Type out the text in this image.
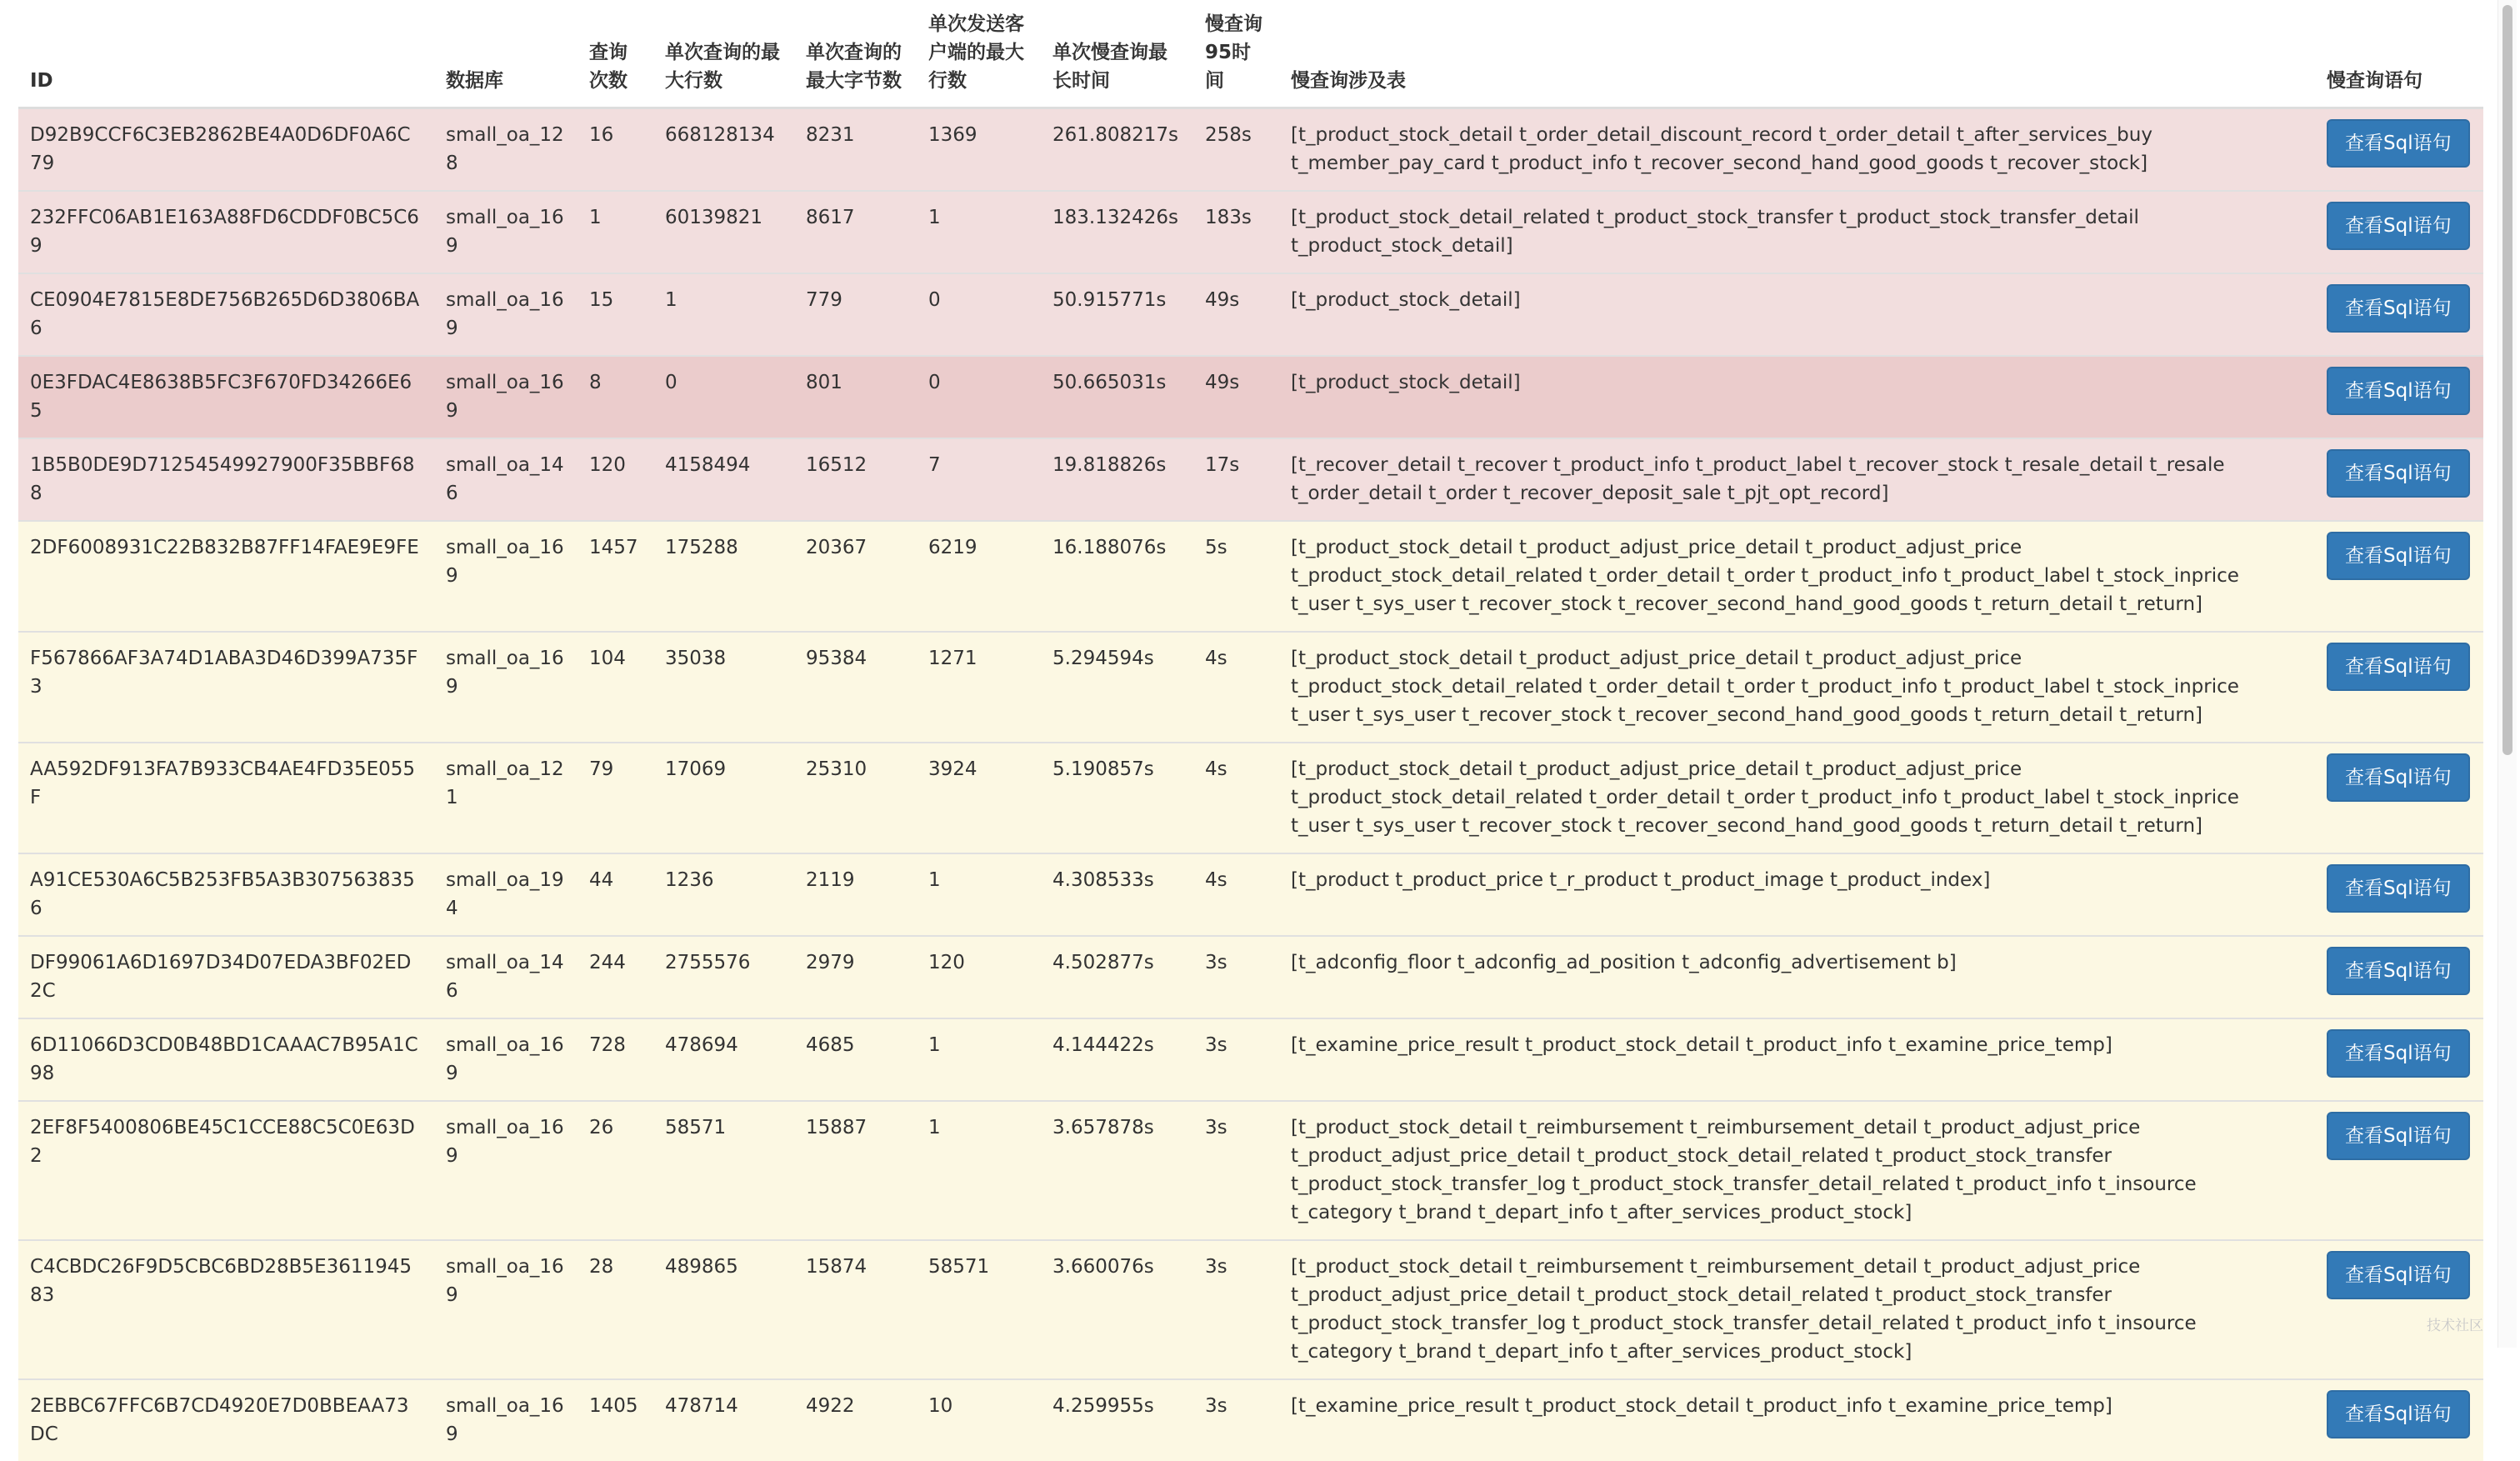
ID	数据库	查询次数	单次查询的最大行数	单次查询的最大字节数	单次发送客户端的最大行数	单次慢查询最长时间	慢查询95时间	慢查询涉及表	慢查询语句
D92B9CCF6C3EB2862BE4A0D6DF0A6C79	small_oa_128	16	668128134	8231	1369	261.808217s	258s	[t_product_stock_detail t_order_detail_discount_record t_order_detail t_after_services_buy t_member_pay_card t_product_info t_recover_second_hand_good_goods t_recover_stock]	查看Sql语句
232FFC06AB1E163A88FD6CDDF0BC5C69	small_oa_169	1	60139821	8617	1	183.132426s	183s	[t_product_stock_detail_related t_product_stock_transfer t_product_stock_transfer_detail t_product_stock_detail]	查看Sql语句
CE0904E7815E8DE756B265D6D3806BA6	small_oa_169	15	1	779	0	50.915771s	49s	[t_product_stock_detail]	查看Sql语句
0E3FDAC4E8638B5FC3F670FD34266E65	small_oa_169	8	0	801	0	50.665031s	49s	[t_product_stock_detail]	查看Sql语句
1B5B0DE9D71254549927900F35BBF688	small_oa_146	120	4158494	16512	7	19.818826s	17s	[t_recover_detail t_recover t_product_info t_product_label t_recover_stock t_resale_detail t_resale t_order_detail t_order t_recover_deposit_sale t_pjt_opt_record]	查看Sql语句
2DF6008931C22B832B87FF14FAE9E9FE	small_oa_169	1457	175288	20367	6219	16.188076s	5s	[t_product_stock_detail t_product_adjust_price_detail t_product_adjust_price t_product_stock_detail_related t_order_detail t_order t_product_info t_product_label t_stock_inprice t_user t_sys_user t_recover_stock t_recover_second_hand_good_goods t_return_detail t_return]	查看Sql语句
F567866AF3A74D1ABA3D46D399A735F3	small_oa_169	104	35038	95384	1271	5.294594s	4s	[t_product_stock_detail t_product_adjust_price_detail t_product_adjust_price t_product_stock_detail_related t_order_detail t_order t_product_info t_product_label t_stock_inprice t_user t_sys_user t_recover_stock t_recover_second_hand_good_goods t_return_detail t_return]	查看Sql语句
AA592DF913FA7B933CB4AE4FD35E055F	small_oa_121	79	17069	25310	3924	5.190857s	4s	[t_product_stock_detail t_product_adjust_price_detail t_product_adjust_price t_product_stock_detail_related t_order_detail t_order t_product_info t_product_label t_stock_inprice t_user t_sys_user t_recover_stock t_recover_second_hand_good_goods t_return_detail t_return]	查看Sql语句
A91CE530A6C5B253FB5A3B3075638356	small_oa_194	44	1236	2119	1	4.308533s	4s	[t_product t_product_price t_r_product t_product_image t_product_index]	查看Sql语句
DF99061A6D1697D34D07EDA3BF02ED2C	small_oa_146	244	2755576	2979	120	4.502877s	3s	[t_adconfig_floor t_adconfig_ad_position t_adconfig_advertisement b]	查看Sql语句
6D11066D3CD0B48BD1CAAAC7B95A1C98	small_oa_169	728	478694	4685	1	4.144422s	3s	[t_examine_price_result t_product_stock_detail t_product_info t_examine_price_temp]	查看Sql语句
2EF8F5400806BE45C1CCE88C5C0E63D2	small_oa_169	26	58571	15887	1	3.657878s	3s	[t_product_stock_detail t_reimbursement t_reimbursement_detail t_product_adjust_price t_product_adjust_price_detail t_product_stock_detail_related t_product_stock_transfer t_product_stock_transfer_log t_product_stock_transfer_detail_related t_product_info t_insource t_category t_brand t_depart_info t_after_services_product_stock]	查看Sql语句
C4CBDC26F9D5CBC6BD28B5E361194583	small_oa_169	28	489865	15874	58571	3.660076s	3s	[t_product_stock_detail t_reimbursement t_reimbursement_detail t_product_adjust_price t_product_adjust_price_detail t_product_stock_detail_related t_product_stock_transfer t_product_stock_transfer_log t_product_stock_transfer_detail_related t_product_info t_insource t_category t_brand t_depart_info t_after_services_product_stock]	查看Sql语句
2EBBC67FFC6B7CD4920E7D0BBEAA73DC	small_oa_169	1405	478714	4922	10	4.259955s	3s	[t_examine_price_result t_product_stock_detail t_product_info t_examine_price_temp]	查看Sql语句
技术社区
